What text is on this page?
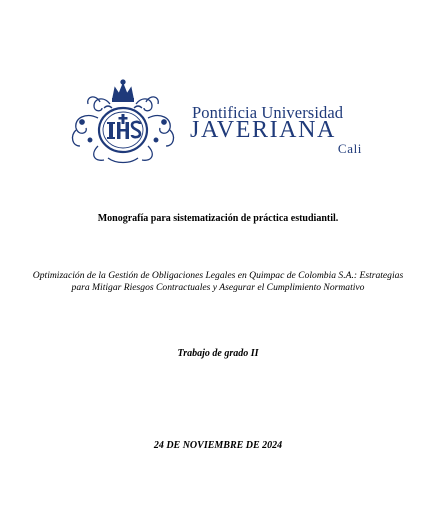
Pontificia Universidad
JAVERIANA
Cali
Monografía para sistematización de práctica estudiantil.
Optimización de la Gestión de Obligaciones Legales en Quimpac de Colombia S.A.: Estrategias
para Mitigar Riesgos Contractuales y Asegurar el Cumplimiento Normativo
Trabajo de grado II
24 DE NOVIEMBRE DE 2024
